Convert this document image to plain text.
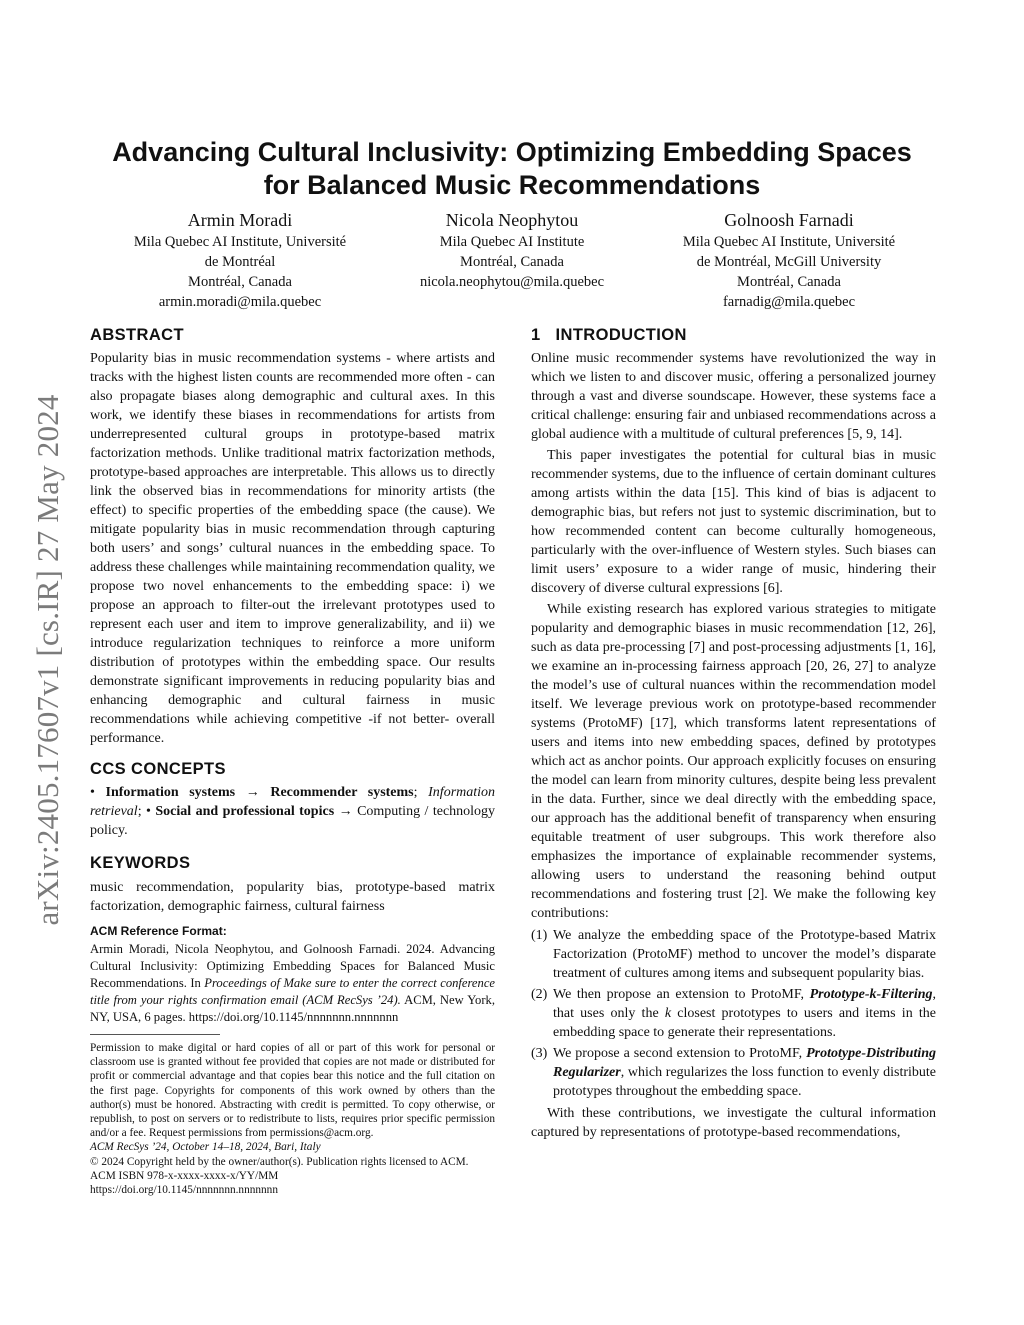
arXiv:2405.17607v1 [cs.IR] 27 May 2024
Advancing Cultural Inclusivity: Optimizing Embedding Spaces
for Balanced Music Recommendations
Armin Moradi
Mila Quebec AI Institute, Université
de Montréal
Montréal, Canada
armin.moradi@mila.quebec
Nicola Neophytou
Mila Quebec AI Institute
Montréal, Canada
nicola.neophytou@mila.quebec
Golnoosh Farnadi
Mila Quebec AI Institute, Université
de Montréal, McGill University
Montréal, Canada
farnadig@mila.quebec
ABSTRACT

Popularity bias in music recommendation systems - where artists and tracks with the highest listen counts are recommended more often - can also propagate biases along demographic and cultural axes. In this work, we identify these biases in recommendations for artists from underrepresented cultural groups in prototype-based matrix factorization methods. Unlike traditional matrix factorization methods, prototype-based approaches are interpretable. This allows us to directly link the observed bias in recommendations for minority artists (the effect) to specific properties of the embedding space (the cause). We mitigate popularity bias in music recommendation through capturing both users’ and songs’ cultural nuances in the embedding space. To address these challenges while maintaining recommendation quality, we propose two novel enhancements to the embedding space: i) we propose an approach to filter-out the irrelevant prototypes used to represent each user and item to improve generalizability, and ii) we introduce regularization techniques to reinforce a more uniform distribution of prototypes within the embedding space. Our results demonstrate significant improvements in reducing popularity bias and enhancing demographic and cultural fairness in music recommendations while achieving competitive -if not better- overall performance.

CCS CONCEPTS

• Information systems → Recommender systems; Information retrieval; • Social and professional topics → Computing / technology policy.

KEYWORDS

music recommendation, popularity bias, prototype-based matrix factorization, demographic fairness, cultural fairness

ACM Reference Format:

Armin Moradi, Nicola Neophytou, and Golnoosh Farnadi. 2024. Advancing Cultural Inclusivity: Optimizing Embedding Spaces for Balanced Music Recommendations. In Proceedings of Make sure to enter the correct conference title from your rights confirmation email (ACM RecSys ’24). ACM, New York, NY, USA, 6 pages. https://doi.org/10.1145/nnnnnnn.nnnnnnn

Permission to make digital or hard copies of all or part of this work for personal or classroom use is granted without fee provided that copies are not made or distributed for profit or commercial advantage and that copies bear this notice and the full citation on the first page. Copyrights for components of this work owned by others than the author(s) must be honored. Abstracting with credit is permitted. To copy otherwise, or republish, to post on servers or to redistribute to lists, requires prior specific permission and/or a fee. Request permissions from permissions@acm.org.

ACM RecSys ’24, October 14–18, 2024, Bari, Italy
© 2024 Copyright held by the owner/author(s). Publication rights licensed to ACM.
ACM ISBN 978-x-xxxx-xxxx-x/YY/MM
https://doi.org/10.1145/nnnnnnn.nnnnnnn
1   INTRODUCTION

Online music recommender systems have revolutionized the way in which we listen to and discover music, offering a personalized journey through a vast and diverse soundscape. However, these systems face a critical challenge: ensuring fair and unbiased recommendations across a global audience with a multitude of cultural preferences [5, 9, 14].

This paper investigates the potential for cultural bias in music recommender systems, due to the influence of certain dominant cultures among artists within the data [15]. This kind of bias is adjacent to demographic bias, but refers not just to systemic discrimination, but to how recommended content can become culturally homogeneous, particularly with the over-influence of Western styles. Such biases can limit users’ exposure to a wider range of music, hindering their discovery of diverse cultural expressions [6].

While existing research has explored various strategies to mitigate popularity and demographic biases in music recommendation [12, 26], such as data pre-processing [7] and post-processing adjustments [1, 16], we examine an in-processing fairness approach [20, 26, 27] to analyze the model’s use of cultural nuances within the recommendation model itself. We leverage previous work on prototype-based recommender systems (ProtoMF) [17], which transforms latent representations of users and items into new embedding spaces, defined by prototypes which act as anchor points. Our approach explicitly focuses on ensuring the model can learn from minority cultures, despite being less prevalent in the data. Further, since we deal directly with the embedding space, our approach has the additional benefit of transparency when ensuring equitable treatment of user subgroups. This work therefore also emphasizes the importance of explainable recommender systems, allowing users to understand the reasoning behind output recommendations and fostering trust [2]. We make the following key contributions:

(1) We analyze the embedding space of the Prototype-based Matrix Factorization (ProtoMF) method to uncover the model’s disparate treatment of cultures among items and subsequent popularity bias.
(2) We then propose an extension to ProtoMF, Prototype-k-Filtering, that uses only the k closest prototypes to users and items in the embedding space to generate their representations.
(3) We propose a second extension to ProtoMF, Prototype-Distributing Regularizer, which regularizes the loss function to evenly distribute prototypes throughout the embedding space.

With these contributions, we investigate the cultural information captured by representations of prototype-based recommendations,
